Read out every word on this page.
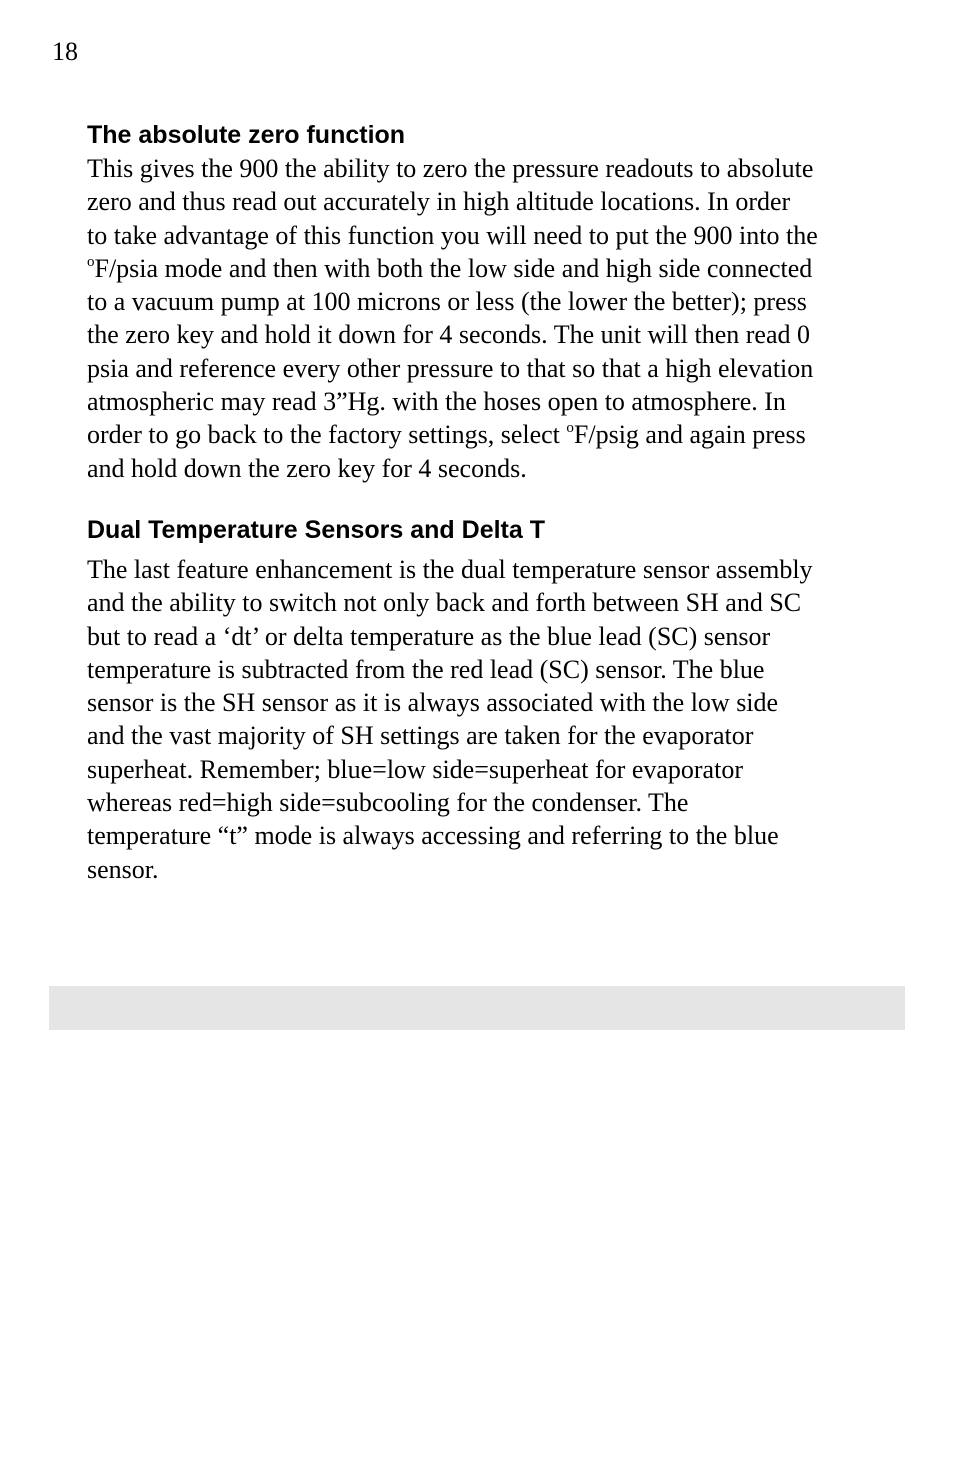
18
The absolute zero function

This gives the 900 the ability to zero the pressure readouts to absolute
zero and thus read out accurately in high altitude locations. In order
to take advantage of this function you will need to put the 900 into the
$^o$F/psia mode and then with both the low side and high side connected
to a vacuum pump at 100 microns or less (the lower the better); press
the zero key and hold it down for 4 seconds. The unit will then read 0
psia and reference every other pressure to that so that a high elevation
atmospheric may read 3”Hg. with the hoses open to atmosphere. In
order to go back to the factory settings, select $^o$F/psig and again press
and hold down the zero key for 4 seconds.

Dual Temperature Sensors and Delta T

The last feature enhancement is the dual temperature sensor assembly
and the ability to switch not only back and forth between SH and SC
but to read a ‘dt’ or delta temperature as the blue lead (SC) sensor
temperature is subtracted from the red lead (SC) sensor. The blue
sensor is the SH sensor as it is always associated with the low side
and the vast majority of SH settings are taken for the evaporator
superheat. Remember; blue=low side=superheat for evaporator
whereas red=high side=subcooling for the condenser. The
temperature “t” mode is always accessing and referring to the blue
sensor.
